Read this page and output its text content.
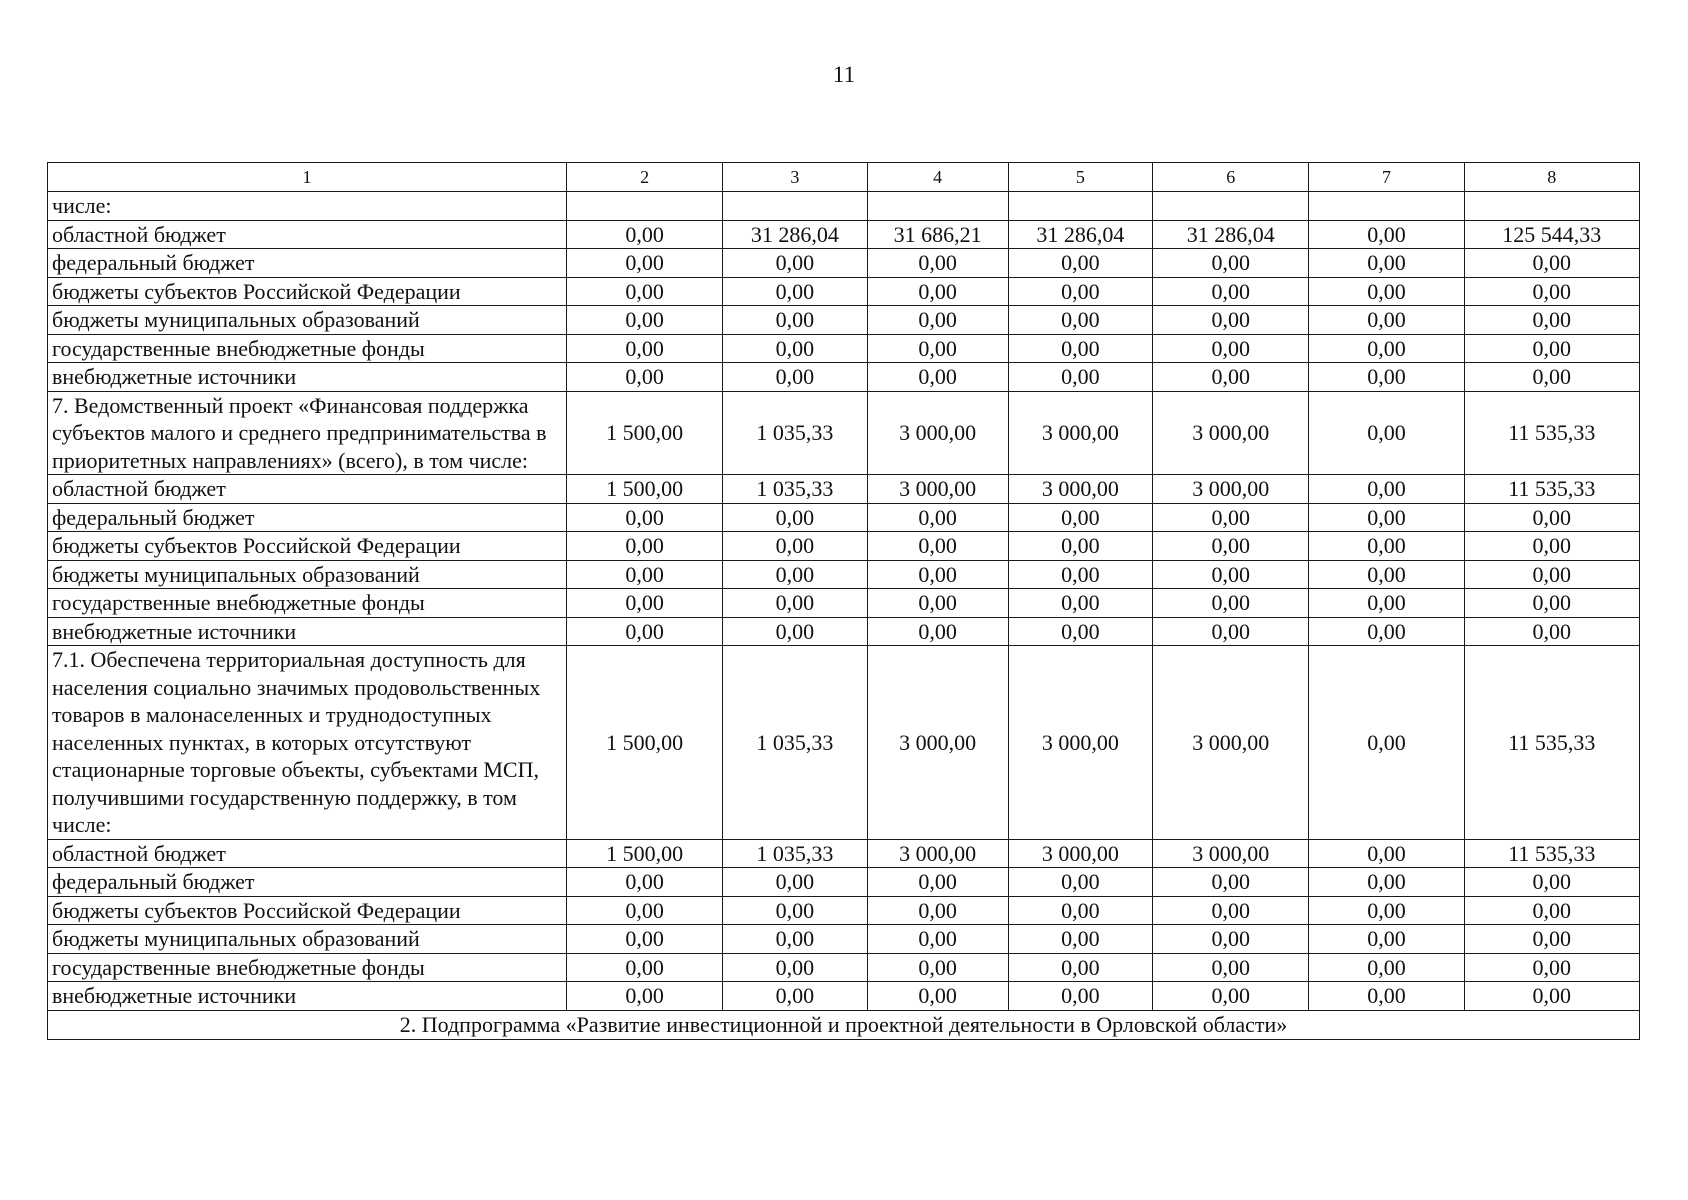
11
1	2	3	4	5	6	7	8
числе:							
областной бюджет	0,00	31 286,04	31 686,21	31 286,04	31 286,04	0,00	125 544,33
федеральный бюджет	0,00	0,00	0,00	0,00	0,00	0,00	0,00
бюджеты субъектов Российской Федерации	0,00	0,00	0,00	0,00	0,00	0,00	0,00
бюджеты муниципальных образований	0,00	0,00	0,00	0,00	0,00	0,00	0,00
государственные внебюджетные фонды	0,00	0,00	0,00	0,00	0,00	0,00	0,00
внебюджетные источники	0,00	0,00	0,00	0,00	0,00	0,00	0,00
7. Ведомственный проект «Финансовая поддержка субъектов малого и среднего предпринимательства в приоритетных направлениях» (всего), в том числе:	1 500,00	1 035,33	3 000,00	3 000,00	3 000,00	0,00	11 535,33
областной бюджет	1 500,00	1 035,33	3 000,00	3 000,00	3 000,00	0,00	11 535,33
федеральный бюджет	0,00	0,00	0,00	0,00	0,00	0,00	0,00
бюджеты субъектов Российской Федерации	0,00	0,00	0,00	0,00	0,00	0,00	0,00
бюджеты муниципальных образований	0,00	0,00	0,00	0,00	0,00	0,00	0,00
государственные внебюджетные фонды	0,00	0,00	0,00	0,00	0,00	0,00	0,00
внебюджетные источники	0,00	0,00	0,00	0,00	0,00	0,00	0,00
7.1. Обеспечена территориальная доступность для населения социально значимых продовольственных товаров в малонаселенных и труднодоступных населенных пунктах, в которых отсутствуют стационарные торговые объекты, субъектами МСП, получившими государственную поддержку, в том числе:	1 500,00	1 035,33	3 000,00	3 000,00	3 000,00	0,00	11 535,33
областной бюджет	1 500,00	1 035,33	3 000,00	3 000,00	3 000,00	0,00	11 535,33
федеральный бюджет	0,00	0,00	0,00	0,00	0,00	0,00	0,00
бюджеты субъектов Российской Федерации	0,00	0,00	0,00	0,00	0,00	0,00	0,00
бюджеты муниципальных образований	0,00	0,00	0,00	0,00	0,00	0,00	0,00
государственные внебюджетные фонды	0,00	0,00	0,00	0,00	0,00	0,00	0,00
внебюджетные источники	0,00	0,00	0,00	0,00	0,00	0,00	0,00
2. Подпрограмма «Развитие инвестиционной и проектной деятельности в Орловской области»							
